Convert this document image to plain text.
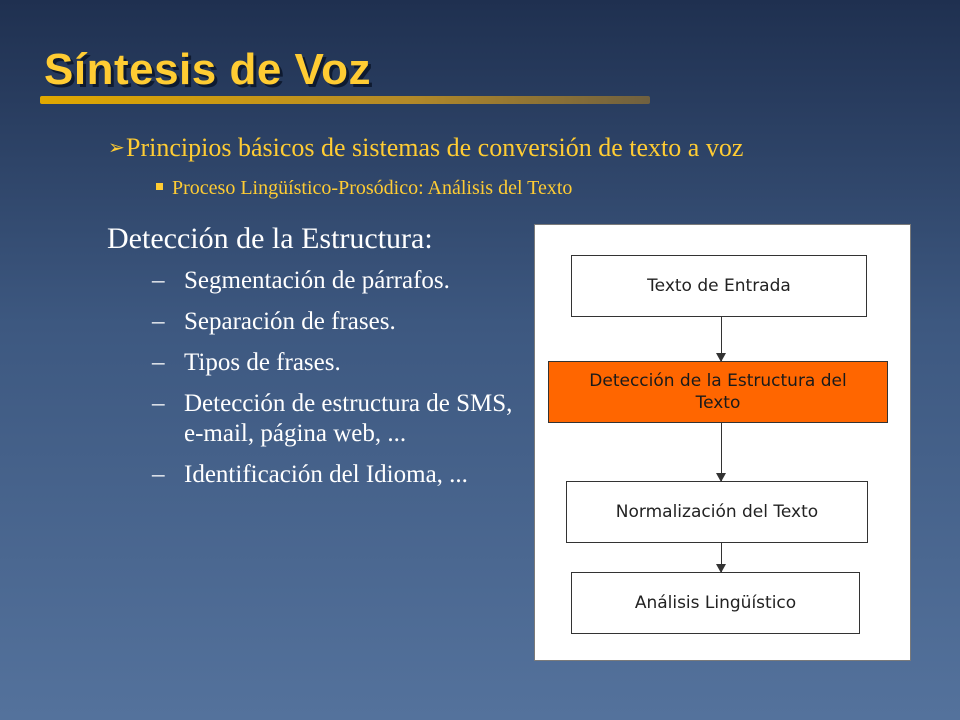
Síntesis de Voz
➢Principios básicos de sistemas de conversión de texto a voz
Proceso Lingüístico-Prosódico: Análisis del Texto
Detección de la Estructura:
– Segmentación de párrafos.
– Separación de frases.
– Tipos de frases.
– Detección de estructura de SMS, e-mail, página web, ...
– Identificación del Idioma, ...
Texto de Entrada
Detección de la Estructura del Texto
Normalización del Texto
Análisis Lingüístico
